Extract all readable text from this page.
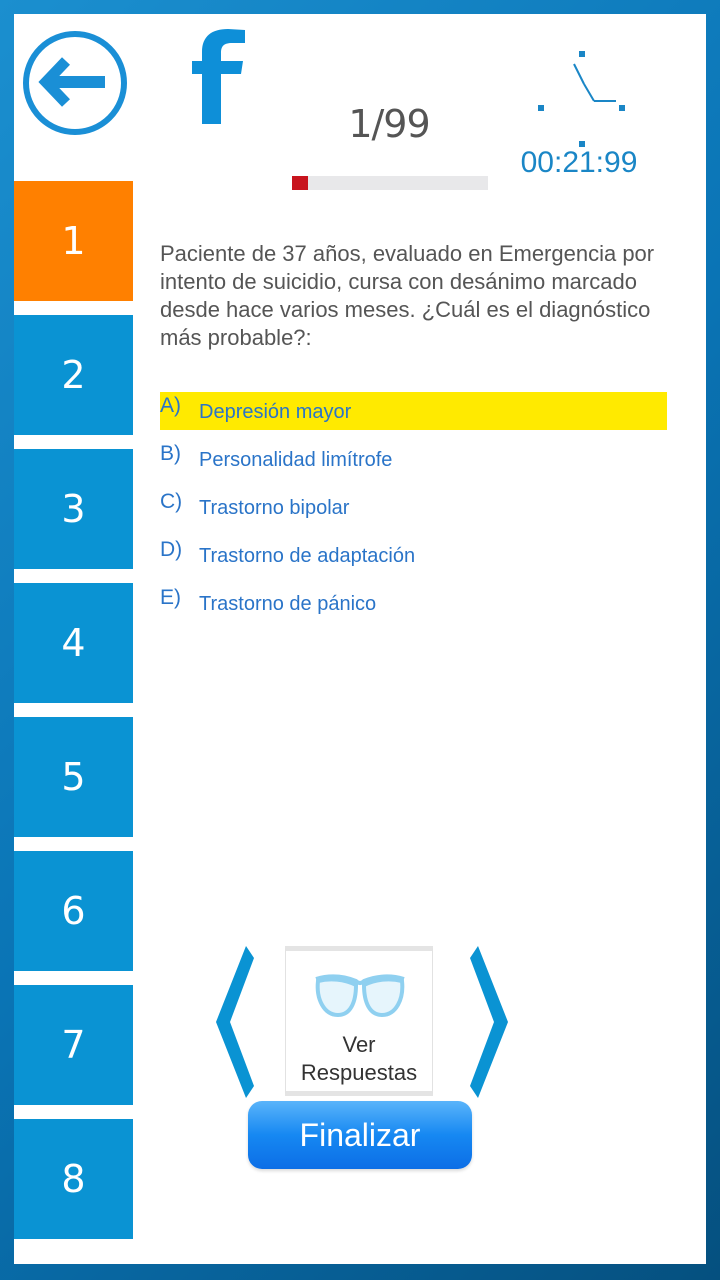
1/99
00:21:99
1
2
3
4
5
6
7
8
Paciente de 37 años, evaluado en Emergencia por intento de suicidio, cursa con desánimo marcado desde hace varios meses. ¿Cuál es el diagnóstico más probable?:
A) Depresión mayor
B) Personalidad limítrofe
C) Trastorno bipolar
D) Trastorno de adaptación
E) Trastorno de pánico
Ver
Respuestas
Finalizar
